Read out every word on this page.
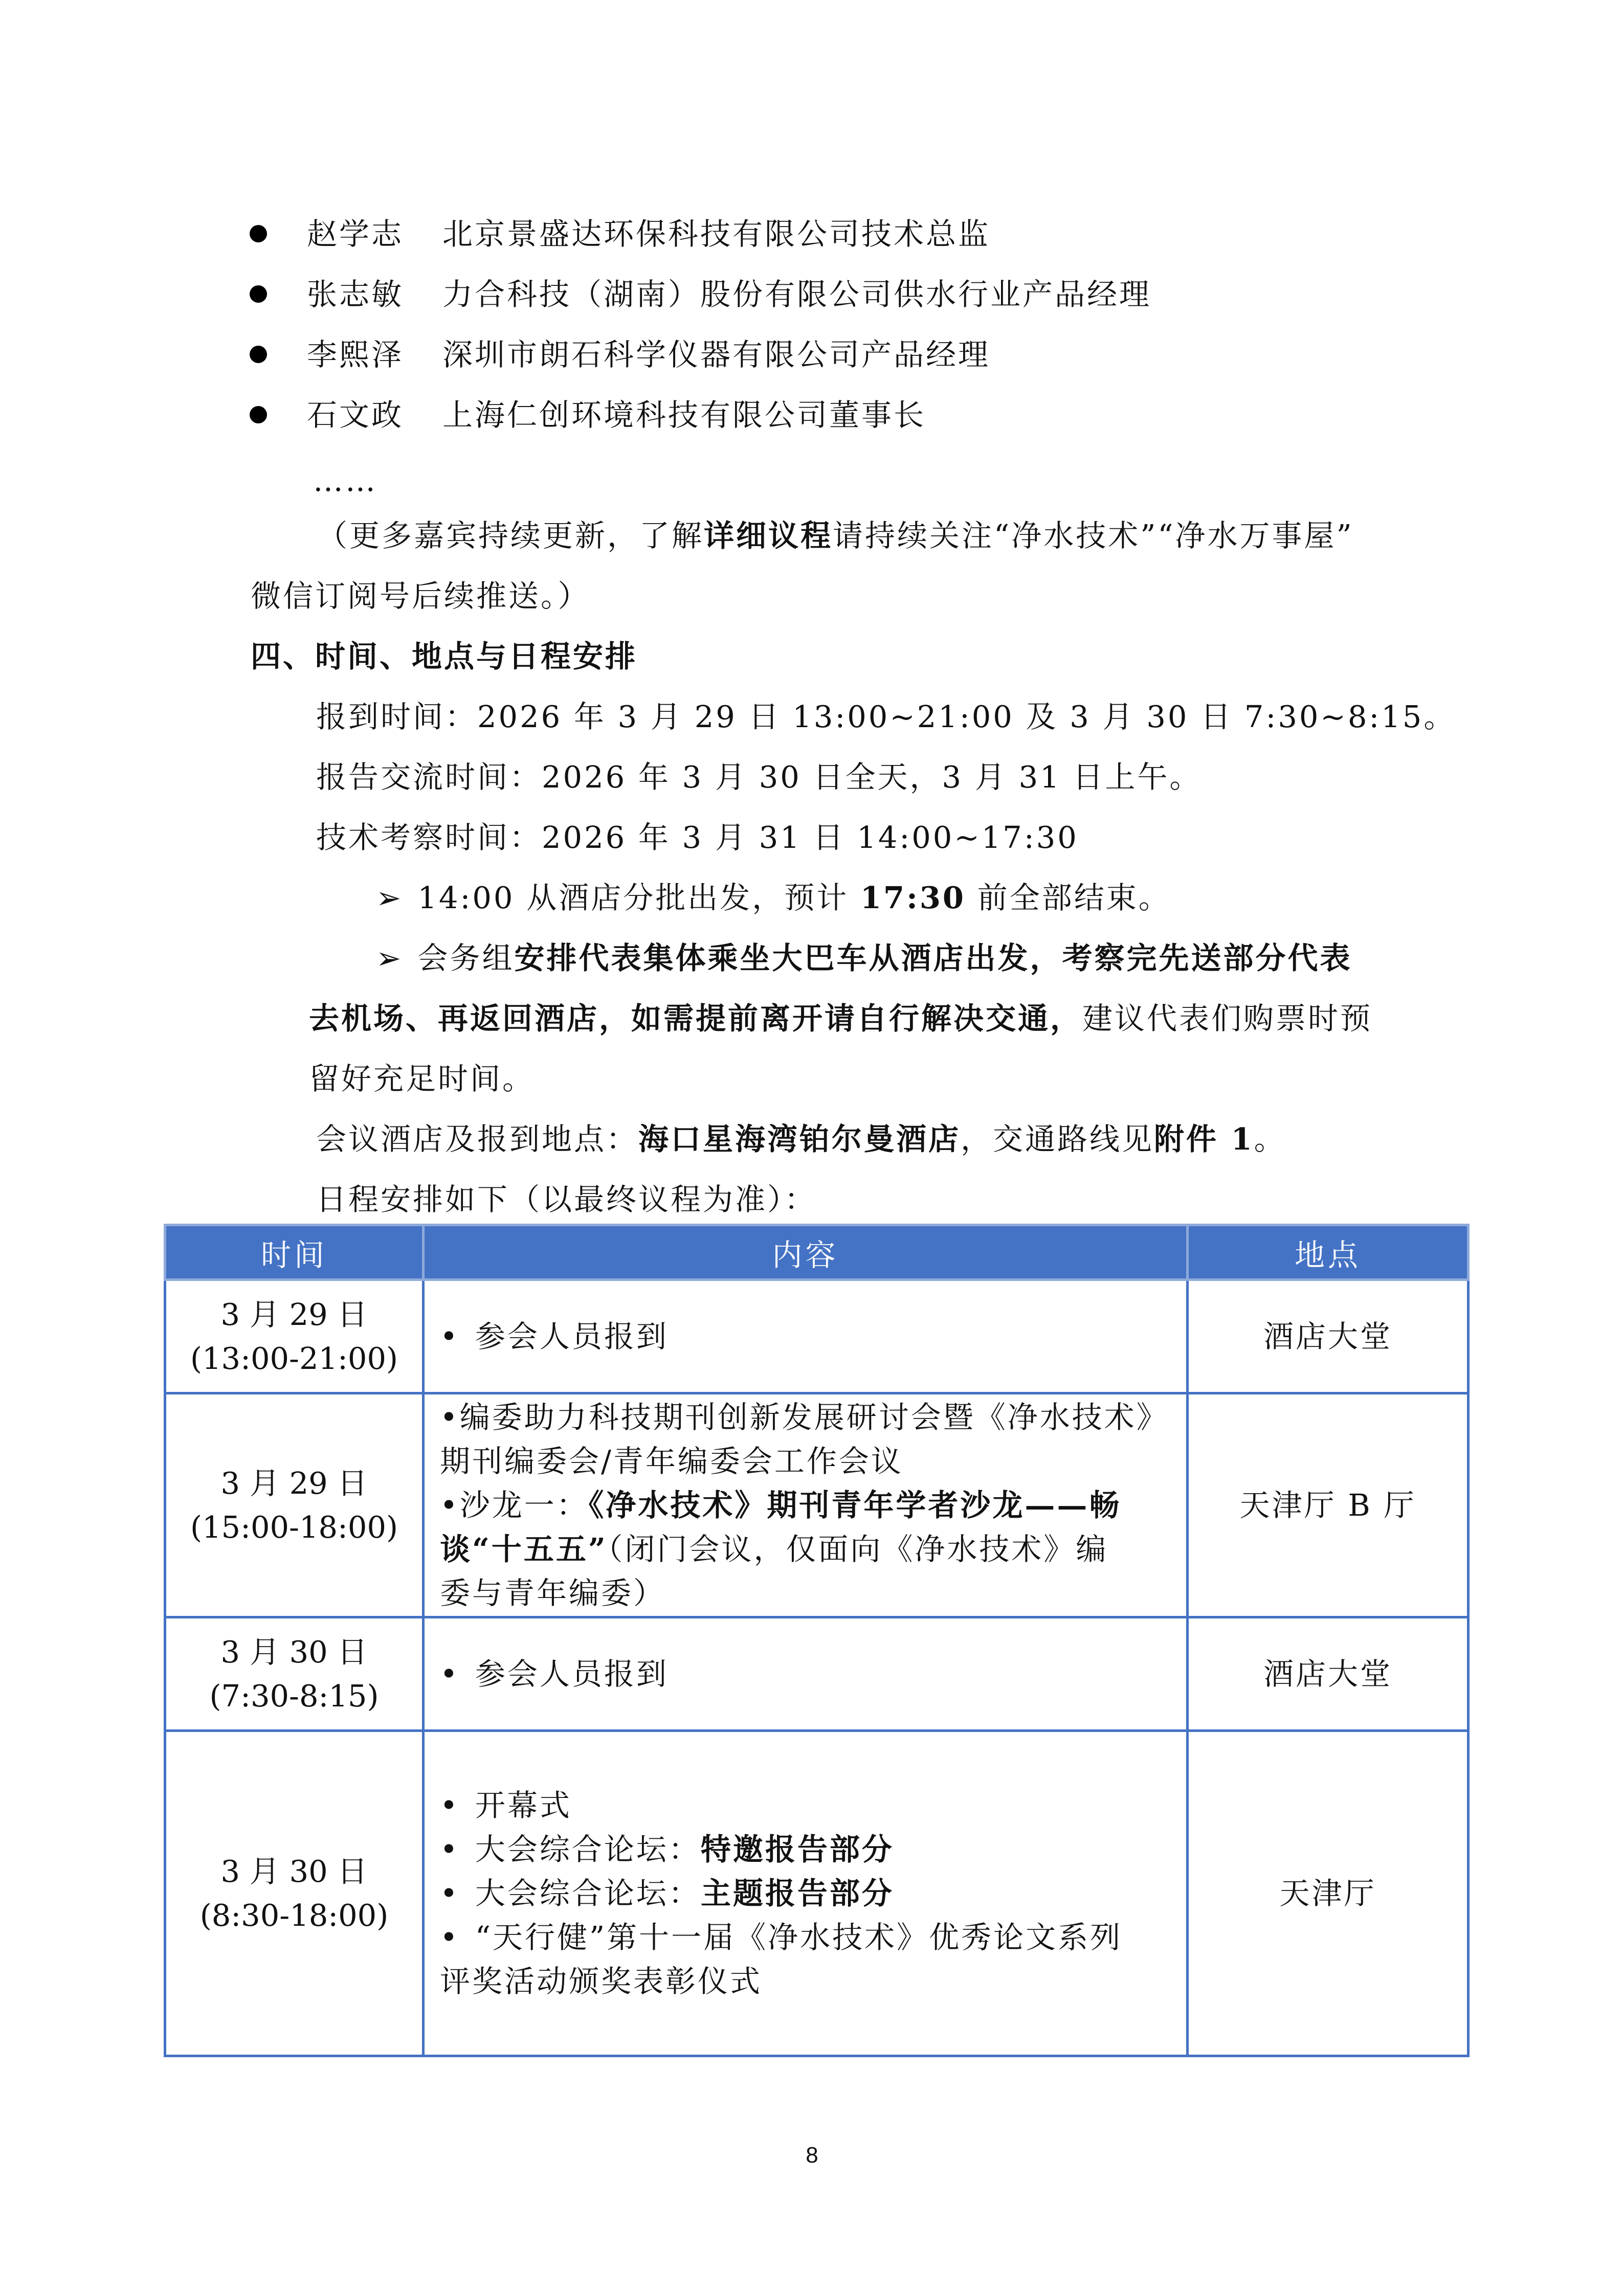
赵学志 北京景盛达环保科技有限公司技术总监
张志敏 力合科技（湖南）股份有限公司供水行业产品经理
李熙泽 深圳市朗石科学仪器有限公司产品经理
石文政 上海仁创环境科技有限公司董事长
……
（更多嘉宾持续更新，了解详细议程请持续关注“净水技术”“净水万事屋”
微信订阅号后续推送。）
四、时间、地点与日程安排
报到时间：2026 年 3 月 29 日 13:00~21:00 及 3 月 30 日 7:30~8:15。
报告交流时间：2026 年 3 月 30 日全天，3 月 31 日上午。
技术考察时间：2026 年 3 月 31 日 14:00~17:30
➢ 14:00 从酒店分批出发，预计 17:30 前全部结束。
➢ 会务组安排代表集体乘坐大巴车从酒店出发，考察完先送部分代表
去机场、再返回酒店，如需提前离开请自行解决交通，建议代表们购票时预
留好充足时间。
会议酒店及报到地点：海口星海湾铂尔曼酒店，交通路线见附件 1。
日程安排如下（以最终议程为准）：
时间	内容	地点

3 月 29 日
(13:00-21:00)	• 参会人员报到	酒店大堂

3 月 29 日
(15:00-18:00)	•编委助力科技期刊创新发展研讨会暨《净水技术》
期刊编委会/青年编委会工作会议
•沙龙一：《净水技术》期刊青年学者沙龙——畅
谈“十五五”（闭门会议，仅面向《净水技术》编
委与青年编委）	天津厅 B 厅

3 月 30 日
(7:30-8:15)	• 参会人员报到	酒店大堂

3 月 30 日
(8:30-18:00)	• 开幕式
• 大会综合论坛：特邀报告部分
• 大会综合论坛：主题报告部分
• “天行健”第十一届《净水技术》优秀论文系列
评奖活动颁奖表彰仪式	天津厅
8
